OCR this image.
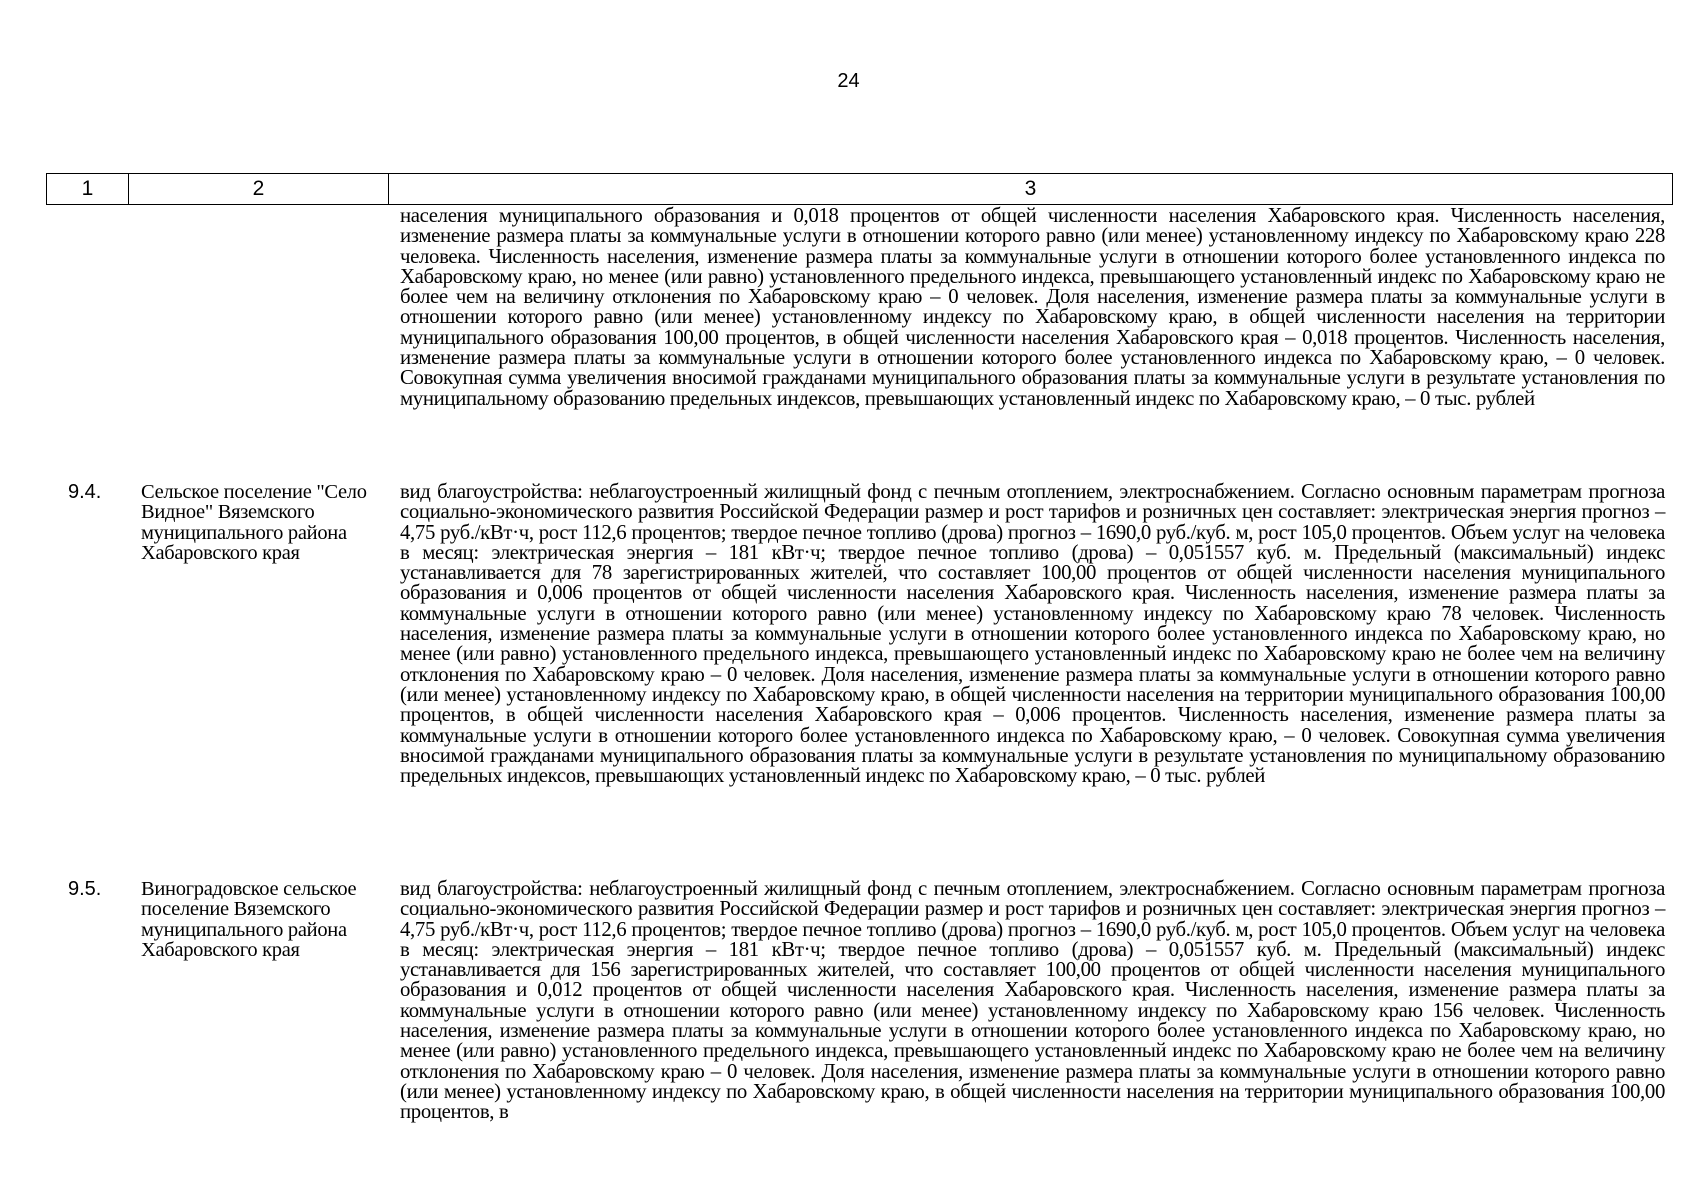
24
1	2	3
населения муниципального образования и 0,018 процентов от общей численности населения Хабаровского края. Численность населения, изменение размера платы за коммунальные услуги в отношении которого равно (или менее) установленному индексу по Хабаровскому краю 228 человека. Численность населения, изменение размера платы за коммунальные услуги в отношении которого более установленного индекса по Хабаровскому краю, но менее (или равно) установленного предельного индекса, превышающего установленный индекс по Хабаровскому краю не более чем на величину отклонения по Хабаровскому краю – 0 человек. Доля населения, изменение размера платы за коммунальные услуги в отношении которого равно (или менее) установленному индексу по Хабаровскому краю, в общей численности населения на территории муниципального образования 100,00 процентов, в общей численности населения Хабаровского края – 0,018 процентов. Численность населения, изменение размера платы за коммунальные услуги в отношении которого более установленного индекса по Хабаровскому краю, – 0 человек. Совокупная сумма увеличения вносимой гражданами муниципального образования платы за коммунальные услуги в результате установления по муниципальному образованию предельных индексов, превышающих установленный индекс по Хабаровскому краю, – 0 тыс. рублей
9.4. Сельское поселение "Село Видное" Вяземского муниципального района Хабаровского края
вид благоустройства: неблагоустроенный жилищный фонд с печным отоплением, электроснабжением. Согласно основным параметрам прогноза социально-экономического развития Российской Федерации размер и рост тарифов и розничных цен составляет: электрическая энергия прогноз – 4,75 руб./кВт·ч, рост 112,6 процентов; твердое печное топливо (дрова) прогноз – 1690,0 руб./куб. м, рост 105,0 процентов. Объем услуг на человека в месяц: электрическая энергия – 181 кВт·ч; твердое печное топливо (дрова) – 0,051557 куб. м. Предельный (максимальный) индекс устанавливается для 78 зарегистрированных жителей, что составляет 100,00 процентов от общей численности населения муниципального образования и 0,006 процентов от общей численности населения Хабаровского края. Численность населения, изменение размера платы за коммунальные услуги в отношении которого равно (или менее) установленному индексу по Хабаровскому краю 78 человек. Численность населения, изменение размера платы за коммунальные услуги в отношении которого более установленного индекса по Хабаровскому краю, но менее (или равно) установленного предельного индекса, превышающего установленный индекс по Хабаровскому краю не более чем на величину отклонения по Хабаровскому краю – 0 человек. Доля населения, изменение размера платы за коммунальные услуги в отношении которого равно (или менее) установленному индексу по Хабаровскому краю, в общей численности населения на территории муниципального образования 100,00 процентов, в общей численности населения Хабаровского края – 0,006 процентов. Численность населения, изменение размера платы за коммунальные услуги в отношении которого более установленного индекса по Хабаровскому краю, – 0 человек. Совокупная сумма увеличения вносимой гражданами муниципального образования платы за коммунальные услуги в результате установления по муниципальному образованию предельных индексов, превышающих установленный индекс по Хабаровскому краю, – 0 тыс. рублей
9.5. Виноградовское сельское поселение Вяземского муниципального района Хабаровского края
вид благоустройства: неблагоустроенный жилищный фонд с печным отоплением, электроснабжением. Согласно основным параметрам прогноза социально-экономического развития Российской Федерации размер и рост тарифов и розничных цен составляет: электрическая энергия прогноз – 4,75 руб./кВт·ч, рост 112,6 процентов; твердое печное топливо (дрова) прогноз – 1690,0 руб./куб. м, рост 105,0 процентов. Объем услуг на человека в месяц: электрическая энергия – 181 кВт·ч; твердое печное топливо (дрова) – 0,051557 куб. м. Предельный (максимальный) индекс устанавливается для 156 зарегистрированных жителей, что составляет 100,00 процентов от общей численности населения муниципального образования и 0,012 процентов от общей численности населения Хабаровского края. Численность населения, изменение размера платы за коммунальные услуги в отношении которого равно (или менее) установленному индексу по Хабаровскому краю 156 человек. Численность населения, изменение размера платы за коммунальные услуги в отношении которого более установленного индекса по Хабаровскому краю, но менее (или равно) установленного предельного индекса, превышающего установленный индекс по Хабаровскому краю не более чем на величину отклонения по Хабаровскому краю – 0 человек. Доля населения, изменение размера платы за коммунальные услуги в отношении которого равно (или менее) установленному индексу по Хабаровскому краю, в общей численности населения на территории муниципального образования 100,00 процентов, в
